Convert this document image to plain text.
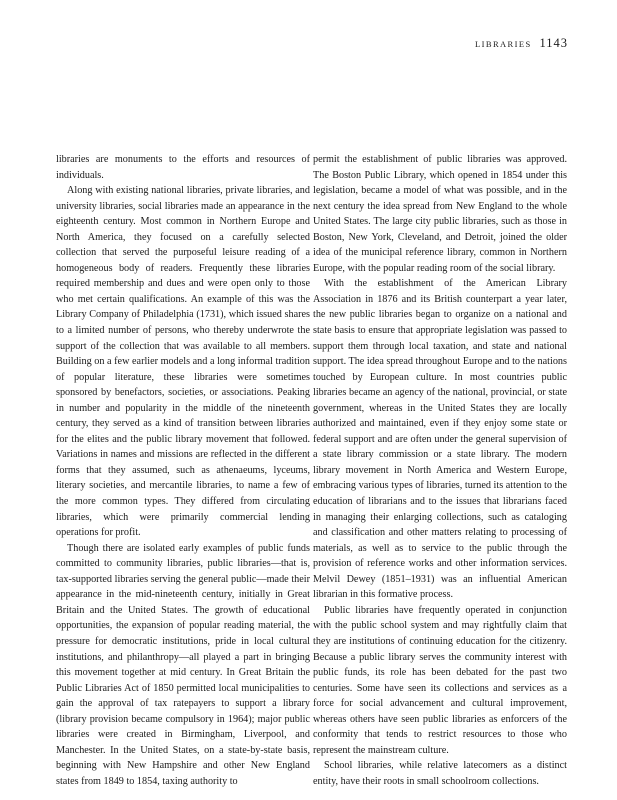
LIBRARIES 1143

libraries are monuments to the efforts and resources of individuals.

Along with existing national libraries, private libraries, and university libraries, social libraries made an appearance in the eighteenth century. Most common in Northern Europe and North America, they focused on a carefully selected collection that served the purposeful leisure reading of a homogeneous body of readers. Frequently these libraries required membership and dues and were open only to those who met certain qualifications. An example of this was the Library Company of Philadelphia (1731), which issued shares to a limited number of persons, who thereby underwrote the support of the collection that was available to all members. Building on a few earlier models and a long informal tradition of popular literature, these libraries were sometimes sponsored by benefactors, societies, or associations. Peaking in number and popularity in the middle of the nineteenth century, they served as a kind of transition between libraries for the elites and the public library movement that followed. Variations in names and missions are reflected in the different forms that they assumed, such as athenaeums, lyceums, literary societies, and mercantile libraries, to name a few of the more common types. They differed from circulating libraries, which were primarily commercial lending operations for profit.

Though there are isolated early examples of public funds committed to community libraries, public libraries—that is, tax-supported libraries serving the general public—made their appearance in the mid-nineteenth century, initially in Great Britain and the United States. The growth of educational opportunities, the expansion of popular reading material, the pressure for democratic institutions, pride in local cultural institutions, and philanthropy—all played a part in bringing this movement together at mid century. In Great Britain the Public Libraries Act of 1850 permitted local municipalities to gain the approval of tax ratepayers to support a library (library provision became compulsory in 1964); major public libraries were created in Birmingham, Liverpool, and Manchester. In the United States, on a state-by-state basis, beginning with New Hampshire and other New England states from 1849 to 1854, taxing authority to

permit the establishment of public libraries was approved. The Boston Public Library, which opened in 1854 under this legislation, became a model of what was possible, and in the next century the idea spread from New England to the whole United States. The large city public libraries, such as those in Boston, New York, Cleveland, and Detroit, joined the older idea of the municipal reference library, common in Northern Europe, with the popular reading room of the social library.

With the establishment of the American Library Association in 1876 and its British counterpart a year later, the new public libraries began to organize on a national and state basis to ensure that appropriate legislation was passed to support them through local taxation, and state and national support. The idea spread throughout Europe and to the nations touched by European culture. In most countries public libraries became an agency of the national, provincial, or state government, whereas in the United States they are locally authorized and maintained, even if they enjoy some state or federal support and are often under the general supervision of a state library commission or a state library. The modern library movement in North America and Western Europe, embracing various types of libraries, turned its attention to the education of librarians and to the issues that librarians faced in managing their enlarging collections, such as cataloging and classification and other matters relating to processing of materials, as well as to service to the public through the provision of reference works and other information services. Melvil Dewey (1851–1931) was an influential American librarian in this formative process.

Public libraries have frequently operated in conjunction with the public school system and may rightfully claim that they are institutions of continuing education for the citizenry. Because a public library serves the community interest with public funds, its role has been debated for the past two centuries. Some have seen its collections and services as a force for social advancement and cultural improvement, whereas others have seen public libraries as enforcers of the conformity that tends to restrict resources to those who represent the mainstream culture.

School libraries, while relative latecomers as a distinct entity, have their roots in small schoolroom collections.
